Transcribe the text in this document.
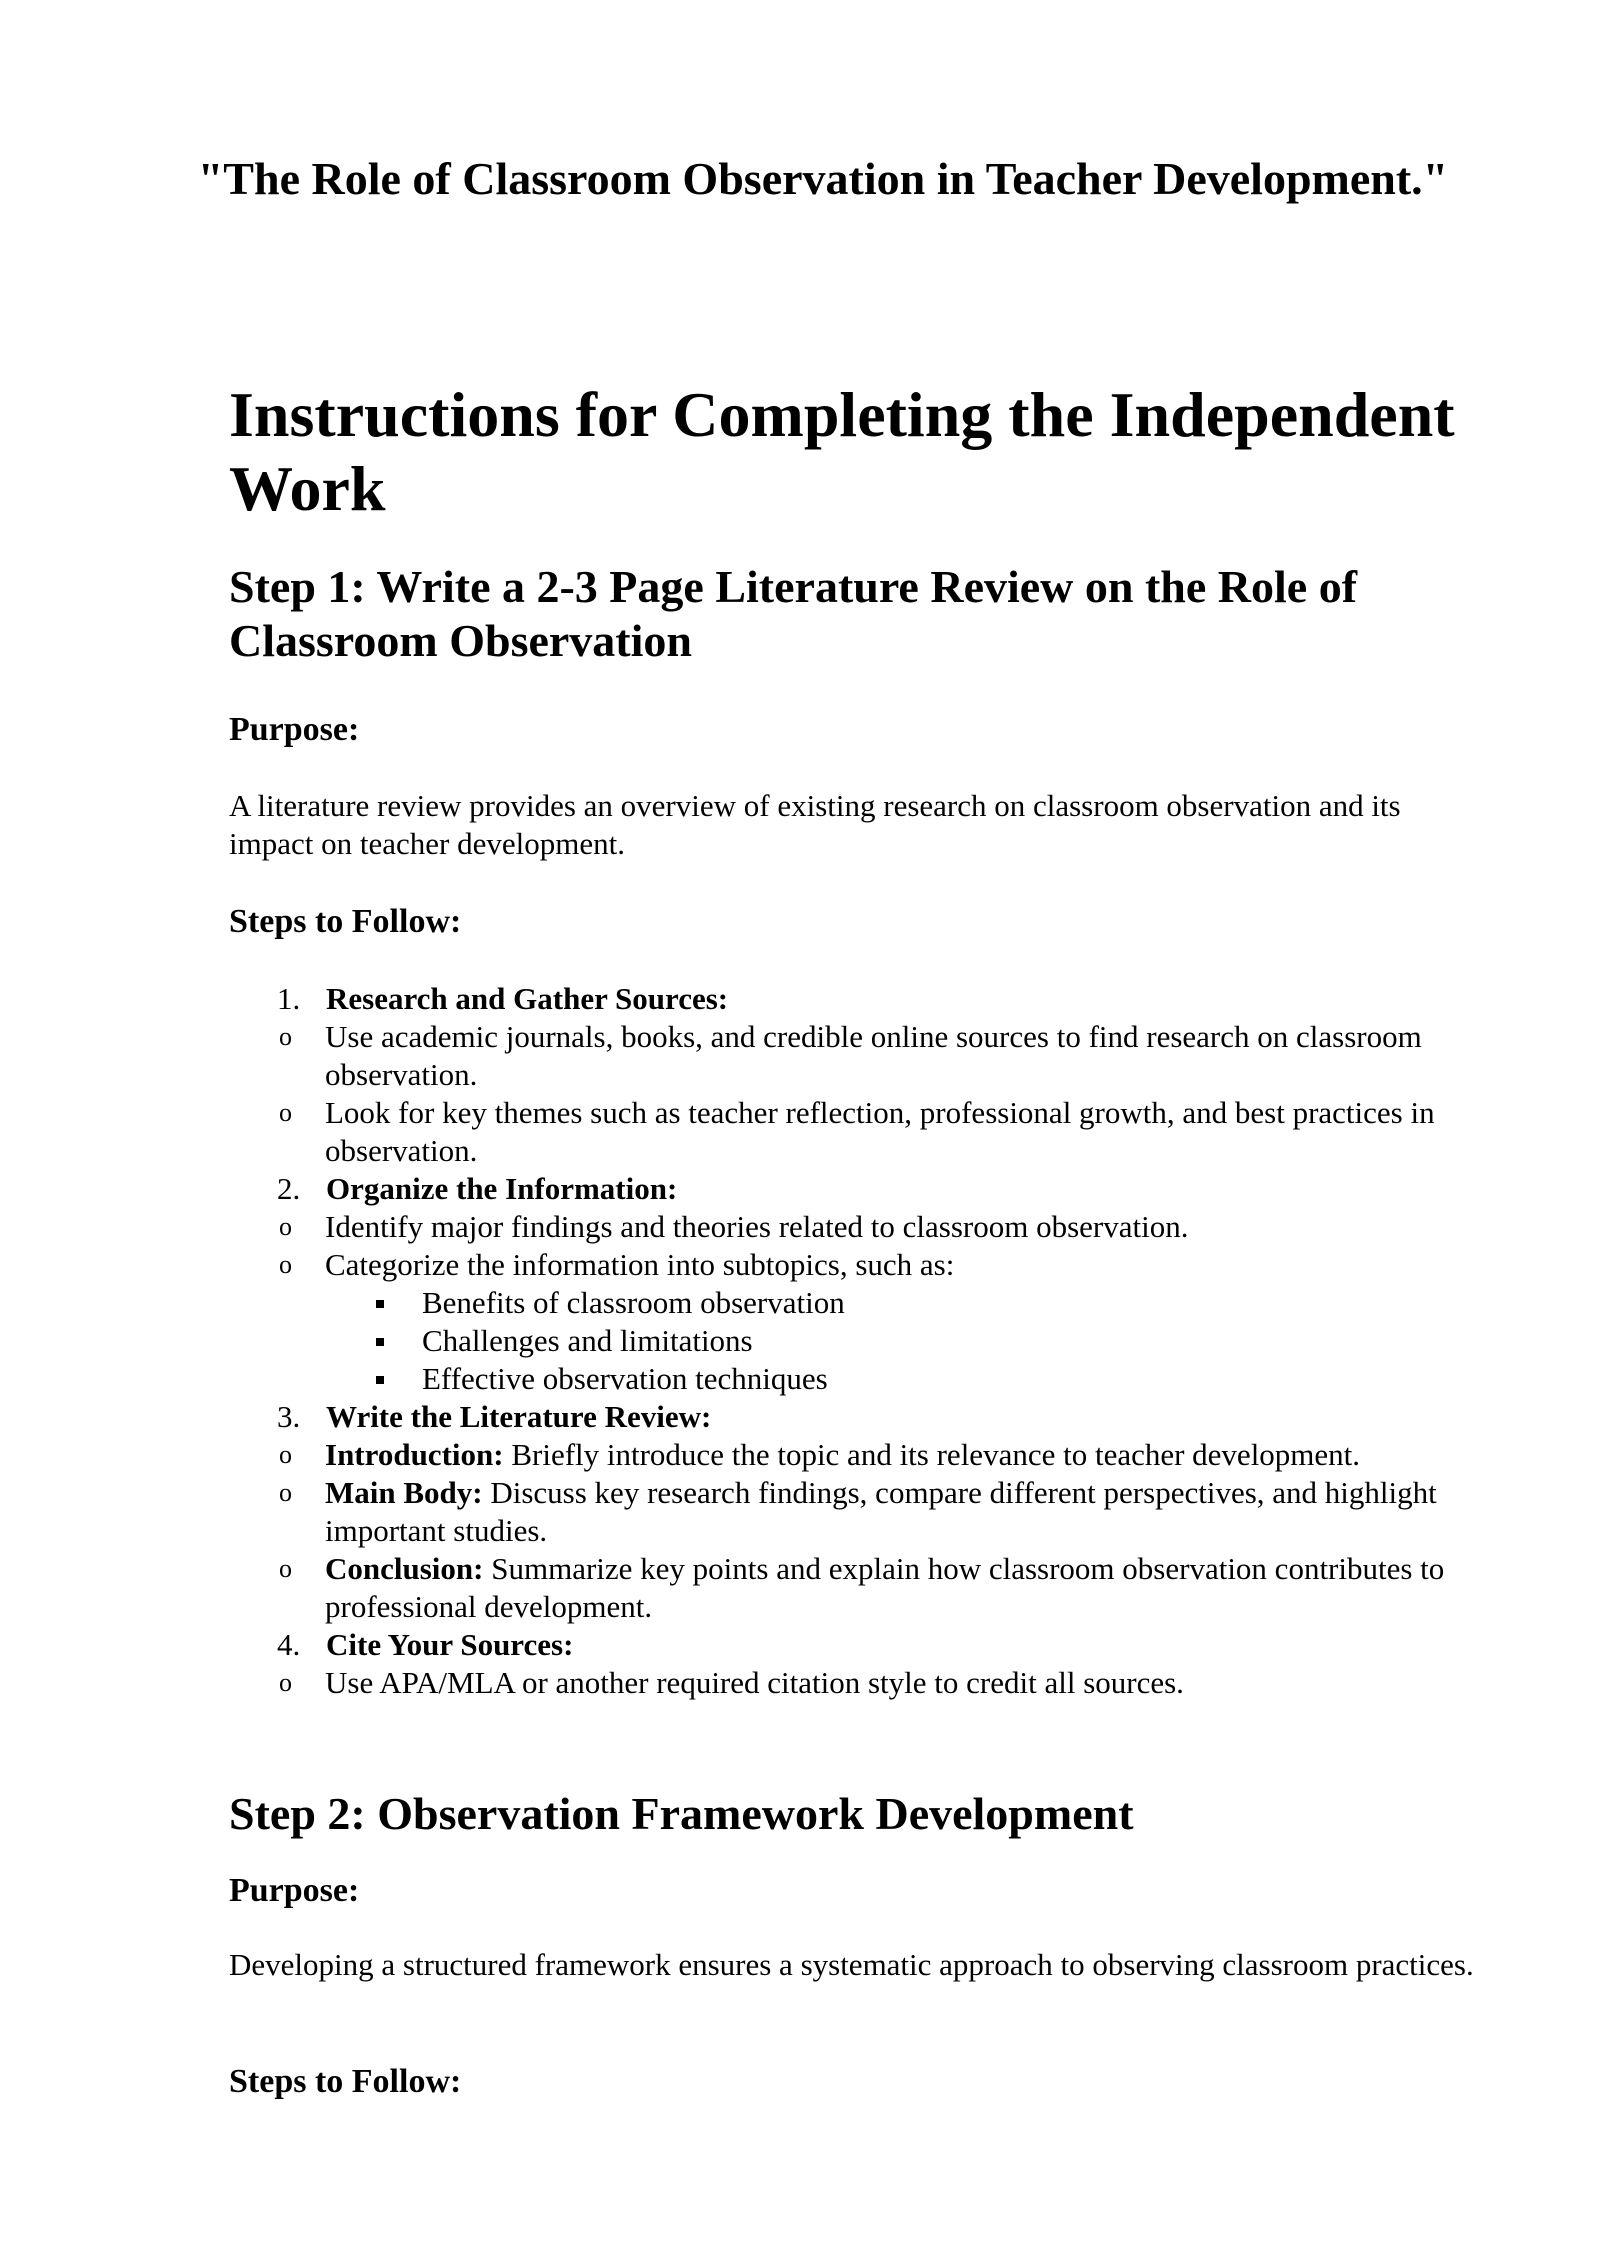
"The Role of Classroom Observation in Teacher Development."
Instructions for Completing the Independent Work
Step 1: Write a 2-3 Page Literature Review on the Role of Classroom Observation
Purpose:

A literature review provides an overview of existing research on classroom observation and its impact on teacher development.

Steps to Follow:
1. Research and Gather Sources:
o Use academic journals, books, and credible online sources to find research on classroom observation.
o Look for key themes such as teacher reflection, professional growth, and best practices in observation.
2. Organize the Information:
o Identify major findings and theories related to classroom observation.
o Categorize the information into subtopics, such as:
Benefits of classroom observation
Challenges and limitations
Effective observation techniques
3. Write the Literature Review:
o Introduction: Briefly introduce the topic and its relevance to teacher development.
o Main Body: Discuss key research findings, compare different perspectives, and highlight important studies.
o Conclusion: Summarize key points and explain how classroom observation contributes to professional development.
4. Cite Your Sources:
o Use APA/MLA or another required citation style to credit all sources.
Step 2: Observation Framework Development
Purpose:

Developing a structured framework ensures a systematic approach to observing classroom practices.

Steps to Follow:
